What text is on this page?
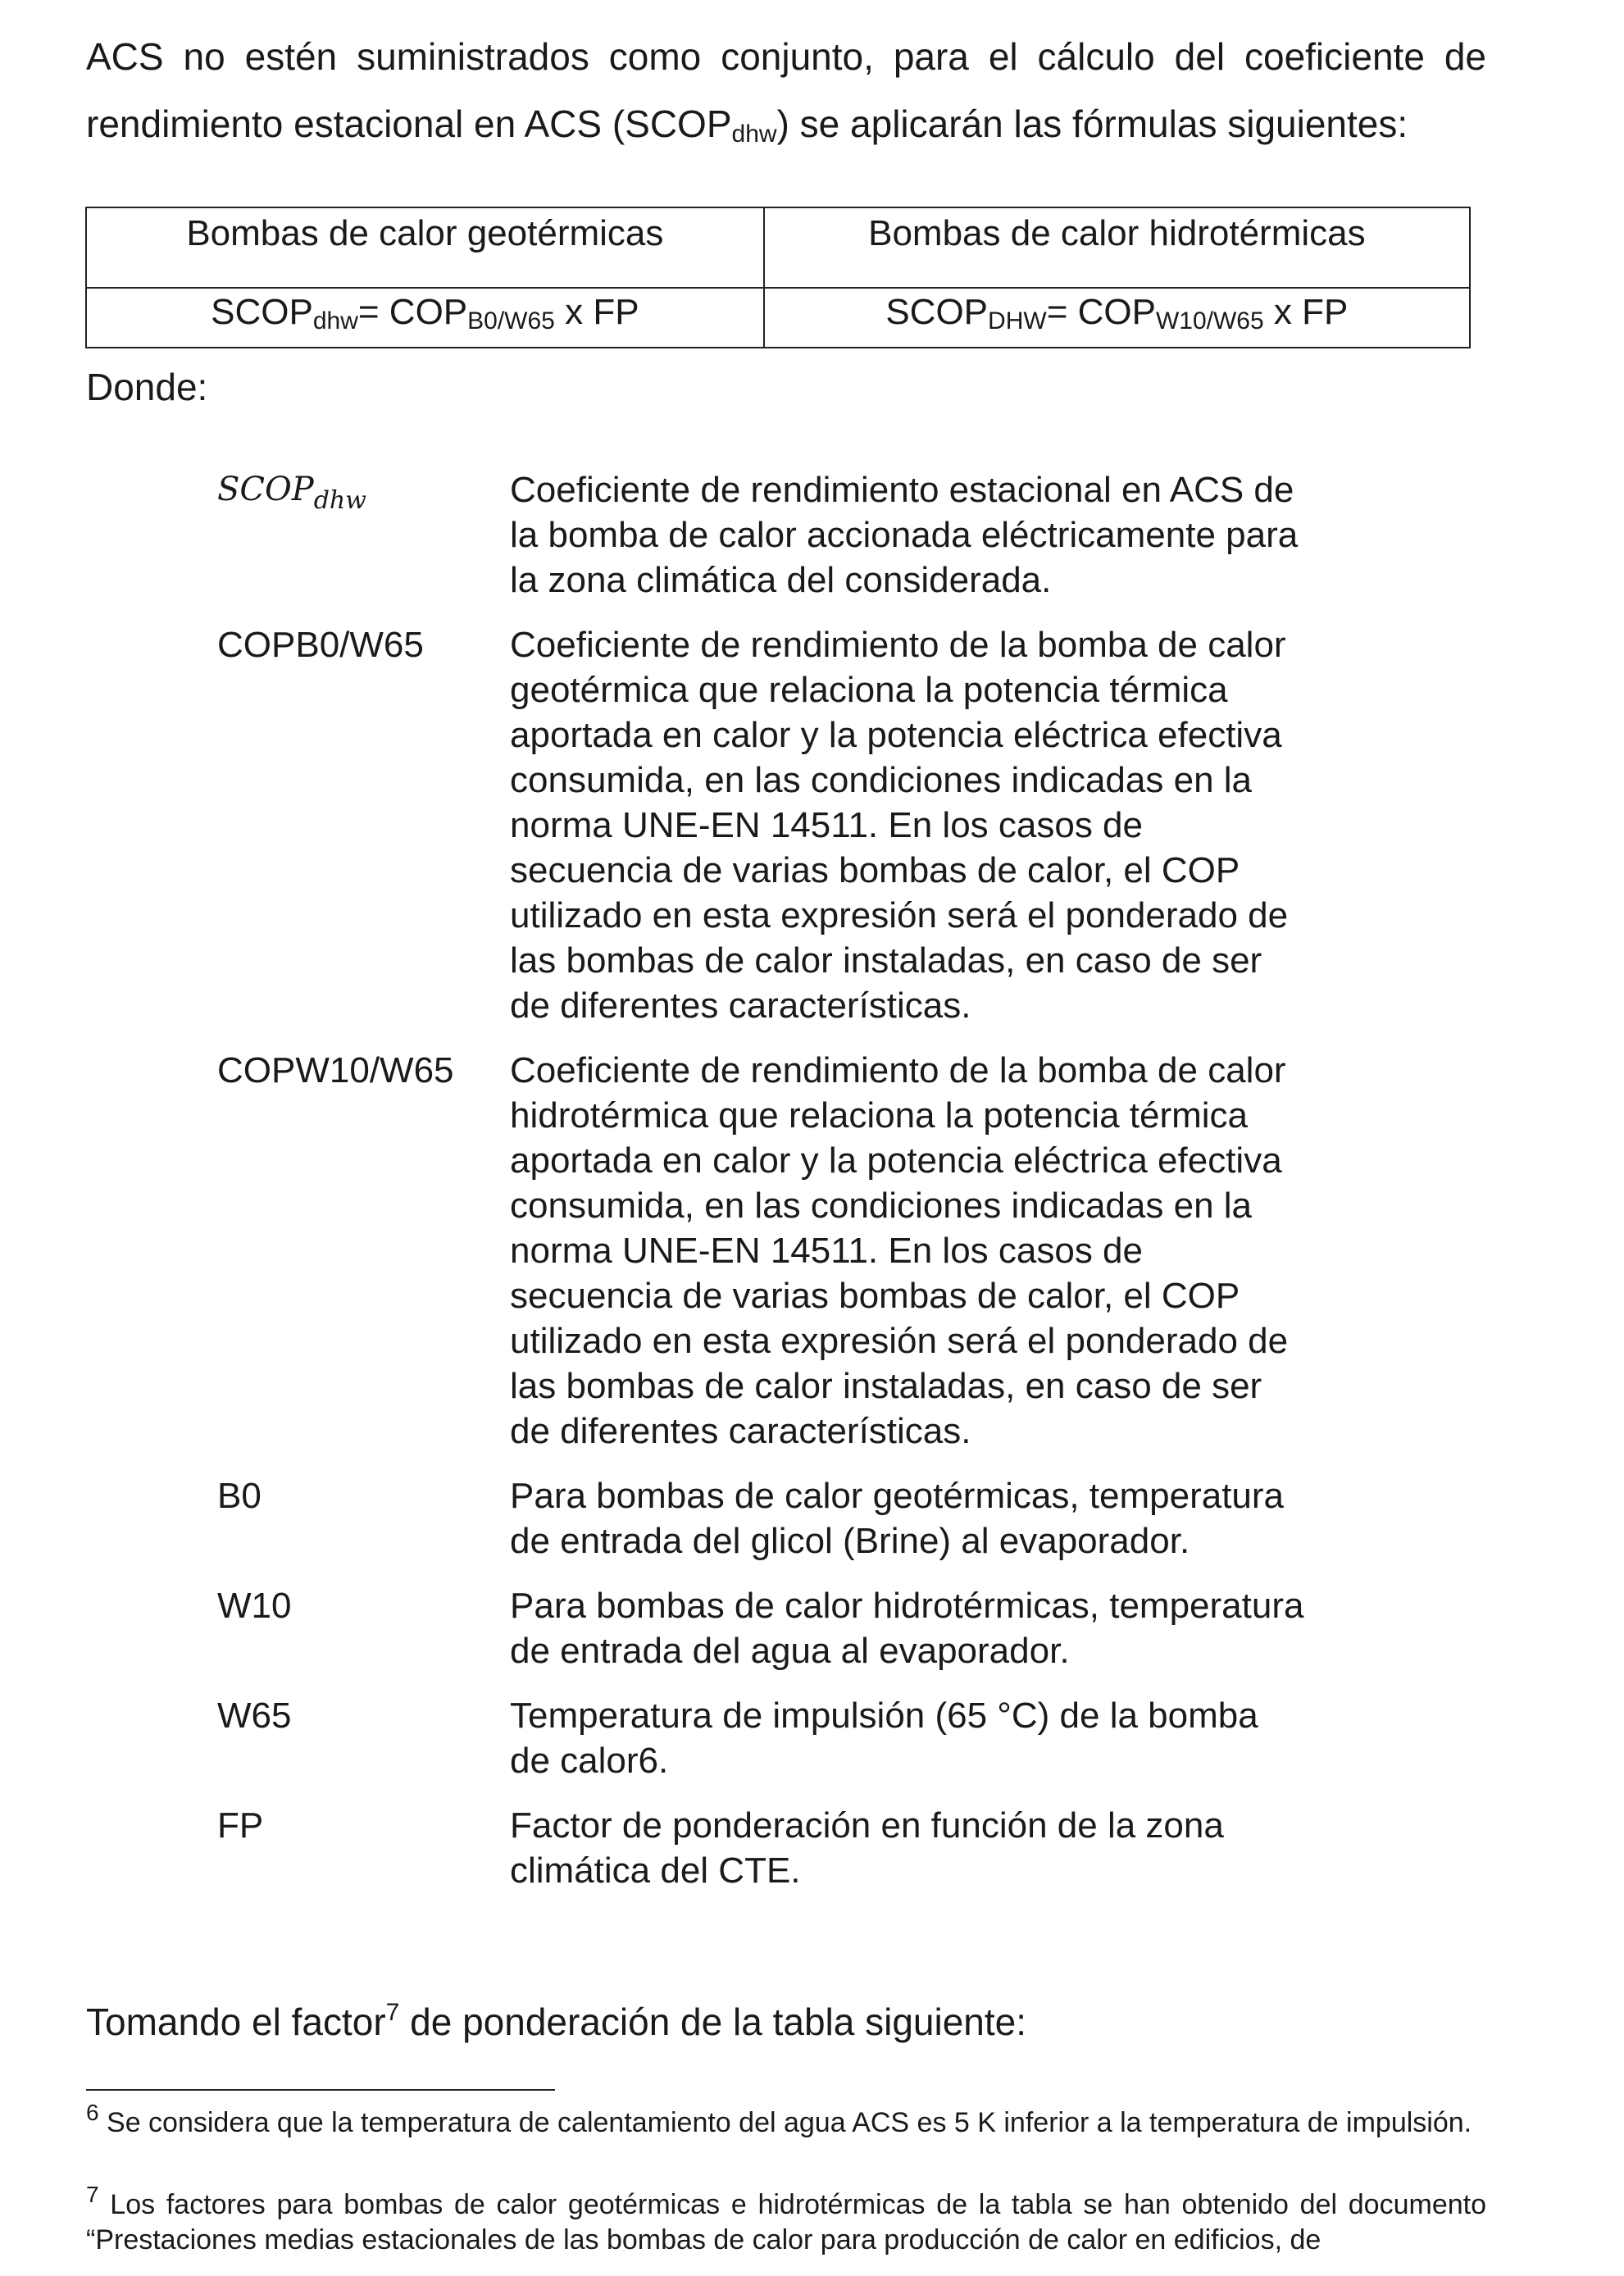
ACS no estén suministrados como conjunto, para el cálculo del coeficiente de rendimiento estacional en ACS $(SCOP_{dhw})$ se aplicarán las fórmulas siguientes:

Bombas de calor geotérmicas	Bombas de calor hidrotérmicas
$SCOP_{dhw}= COP_{B0/W65}$ x FP	$SCOP_{DHW}= COP_{W10/W65}$ x FP
Donde:
$SCOP_{dhw}$	Coeficiente de rendimiento estacional en ACS de
la bomba de calor accionada eléctricamente para
la zona climática del considerada.
COPB0/W65	Coeficiente de rendimiento de la bomba de calor
geotérmica que relaciona la potencia térmica
aportada en calor y la potencia eléctrica efectiva
consumida, en las condiciones indicadas en la
norma UNE-EN 14511. En los casos de
secuencia de varias bombas de calor, el COP
utilizado en esta expresión será el ponderado de
las bombas de calor instaladas, en caso de ser
de diferentes características.
COPW10/W65	Coeficiente de rendimiento de la bomba de calor
hidrotérmica que relaciona la potencia térmica
aportada en calor y la potencia eléctrica efectiva
consumida, en las condiciones indicadas en la
norma UNE-EN 14511. En los casos de
secuencia de varias bombas de calor, el COP
utilizado en esta expresión será el ponderado de
las bombas de calor instaladas, en caso de ser
de diferentes características.
B0	Para bombas de calor geotérmicas, temperatura
de entrada del glicol (Brine) al evaporador.
W10	Para bombas de calor hidrotérmicas, temperatura
de entrada del agua al evaporador.
W65	Temperatura de impulsión (65 °C) de la bomba
de calor6.
FP	Factor de ponderación en función de la zona
climática del CTE.

Tomando el factor$^7$ de ponderación de la tabla siguiente:

$^6$ Se considera que la temperatura de calentamiento del agua ACS es 5 K inferior a la temperatura de impulsión.

$^7$ Los factores para bombas de calor geotérmicas e hidrotérmicas de la tabla se han obtenido del documento “Prestaciones medias estacionales de las bombas de calor para producción de calor en edificios, de
